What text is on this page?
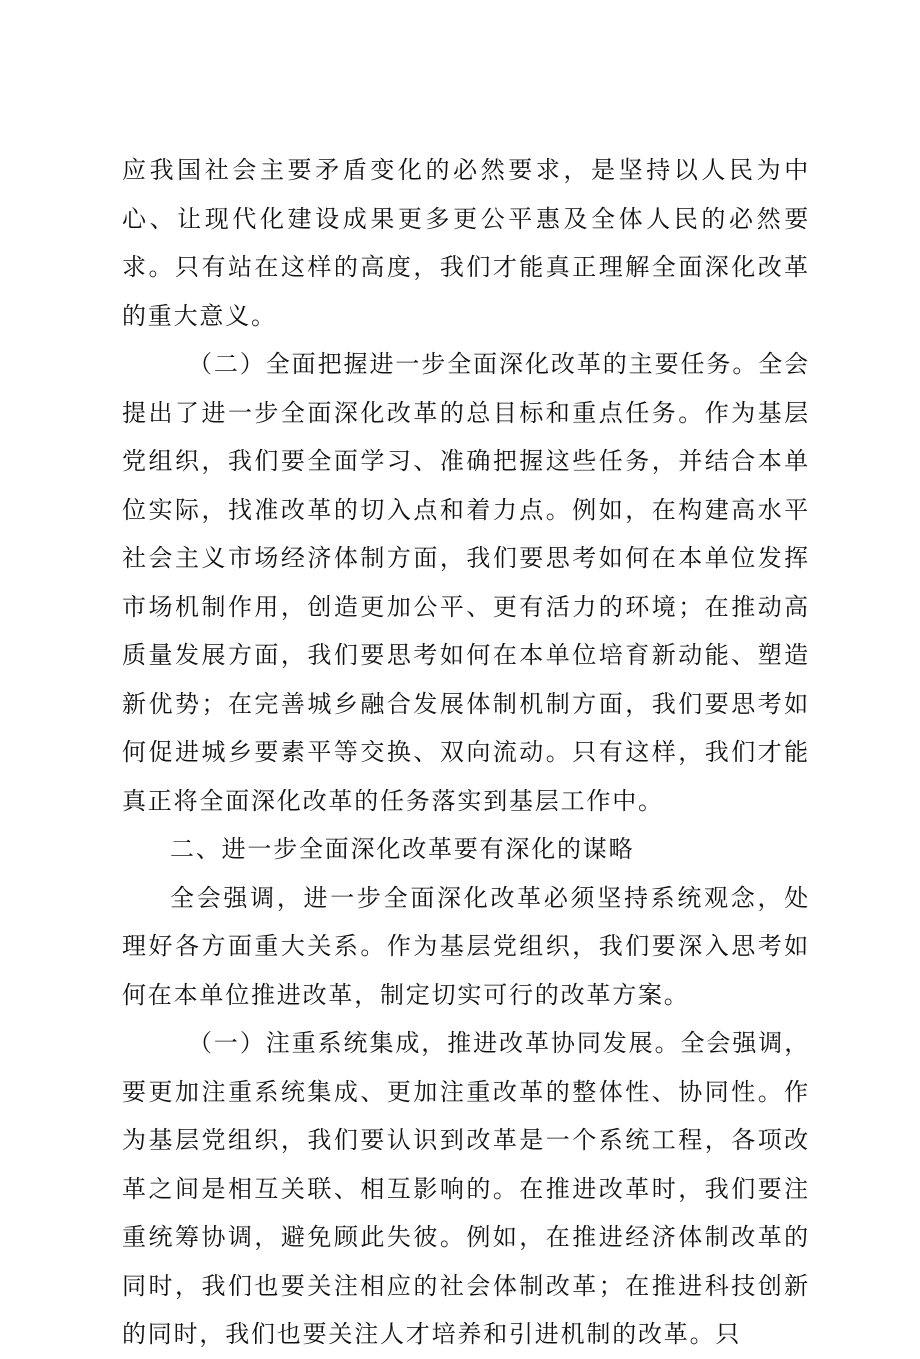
应我国社会主要矛盾变化的必然要求，是坚持以人民为中心、让现代化建设成果更多更公平惠及全体人民的必然要求。只有站在这样的高度，我们才能真正理解全面深化改革的重大意义。

（二）全面把握进一步全面深化改革的主要任务。全会提出了进一步全面深化改革的总目标和重点任务。作为基层党组织，我们要全面学习、准确把握这些任务，并结合本单位实际，找准改革的切入点和着力点。例如，在构建高水平社会主义市场经济体制方面，我们要思考如何在本单位发挥市场机制作用，创造更加公平、更有活力的环境；在推动高质量发展方面，我们要思考如何在本单位培育新动能、塑造新优势；在完善城乡融合发展体制机制方面，我们要思考如何促进城乡要素平等交换、双向流动。只有这样，我们才能真正将全面深化改革的任务落实到基层工作中。

二、进一步全面深化改革要有深化的谋略

全会强调，进一步全面深化改革必须坚持系统观念，处理好各方面重大关系。作为基层党组织，我们要深入思考如何在本单位推进改革，制定切实可行的改革方案。

（一）注重系统集成，推进改革协同发展。全会强调，要更加注重系统集成、更加注重改革的整体性、协同性。作为基层党组织，我们要认识到改革是一个系统工程，各项改革之间是相互关联、相互影响的。在推进改革时，我们要注重统筹协调，避免顾此失彼。例如，在推进经济体制改革的同时，我们也要关注相应的社会体制改革；在推进科技创新的同时，我们也要关注人才培养和引进机制的改革。只
